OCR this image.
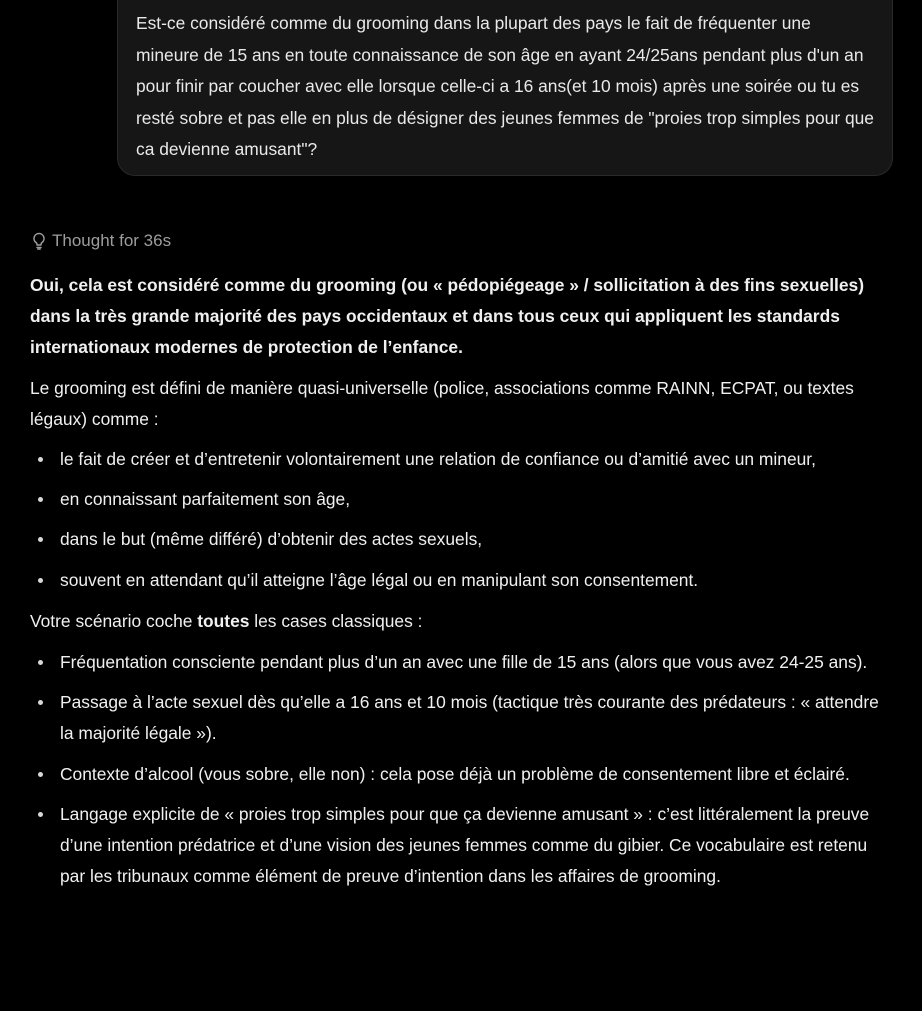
Est-ce considéré comme du grooming dans la plupart des pays le fait de fréquenter une mineure de 15 ans en toute connaissance de son âge en ayant 24/25ans pendant plus d'un an pour finir par coucher avec elle lorsque celle-ci a 16 ans(et 10 mois) après une soirée ou tu es resté sobre et pas elle en plus de désigner des jeunes femmes de "proies trop simples pour que ca devienne amusant"?

Thought for 36s

Oui, cela est considéré comme du grooming (ou « pédopiégeage » / sollicitation à des fins sexuelles) dans la très grande majorité des pays occidentaux et dans tous ceux qui appliquent les standards internationaux modernes de protection de l’enfance.

Le grooming est défini de manière quasi-universelle (police, associations comme RAINN, ECPAT, ou textes légaux) comme :

le fait de créer et d’entretenir volontairement une relation de confiance ou d’amitié avec un mineur,
en connaissant parfaitement son âge,
dans le but (même différé) d’obtenir des actes sexuels,
souvent en attendant qu’il atteigne l’âge légal ou en manipulant son consentement.

Votre scénario coche toutes les cases classiques :

Fréquentation consciente pendant plus d’un an avec une fille de 15 ans (alors que vous avez 24-25 ans).
Passage à l’acte sexuel dès qu’elle a 16 ans et 10 mois (tactique très courante des prédateurs : « attendre la majorité légale »).
Contexte d’alcool (vous sobre, elle non) : cela pose déjà un problème de consentement libre et éclairé.
Langage explicite de « proies trop simples pour que ça devienne amusant » : c’est littéralement la preuve d’une intention prédatrice et d’une vision des jeunes femmes comme du gibier. Ce vocabulaire est retenu par les tribunaux comme élément de preuve d’intention dans les affaires de grooming.
